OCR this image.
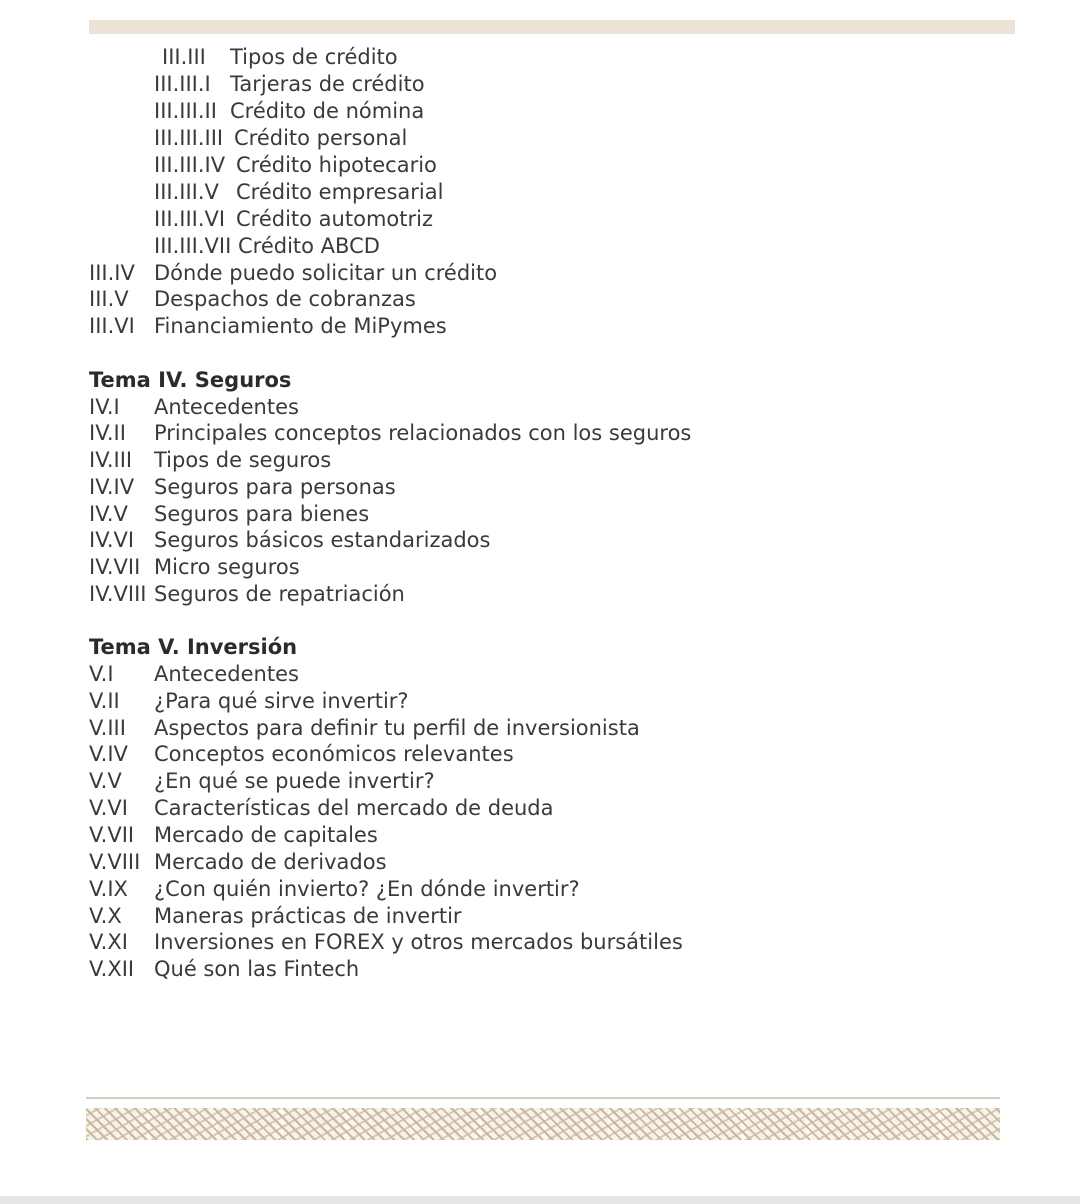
III.III Tipos de crédito
III.III.I Tarjeras de crédito
III.III.II Crédito de nómina
III.III.III Crédito personal
III.III.IV Crédito hipotecario
III.III.V Crédito empresarial
III.III.VI Crédito automotriz
III.III.VII Crédito ABCD
III.IV Dónde puedo solicitar un crédito
III.V Despachos de cobranzas
III.VI Financiamiento de MiPymes
Tema IV. Seguros
IV.I Antecedentes
IV.II Principales conceptos relacionados con los seguros
IV.III Tipos de seguros
IV.IV Seguros para personas
IV.V Seguros para bienes
IV.VI Seguros básicos estandarizados
IV.VII Micro seguros
IV.VIII Seguros de repatriación
Tema V. Inversión
V.I Antecedentes
V.II ¿Para qué sirve invertir?
V.III Aspectos para definir tu perfil de inversionista
V.IV Conceptos económicos relevantes
V.V ¿En qué se puede invertir?
V.VI Características del mercado de deuda
V.VII Mercado de capitales
V.VIII Mercado de derivados
V.IX ¿Con quién invierto? ¿En dónde invertir?
V.X Maneras prácticas de invertir
V.XI Inversiones en FOREX y otros mercados bursátiles
V.XII Qué son las Fintech
